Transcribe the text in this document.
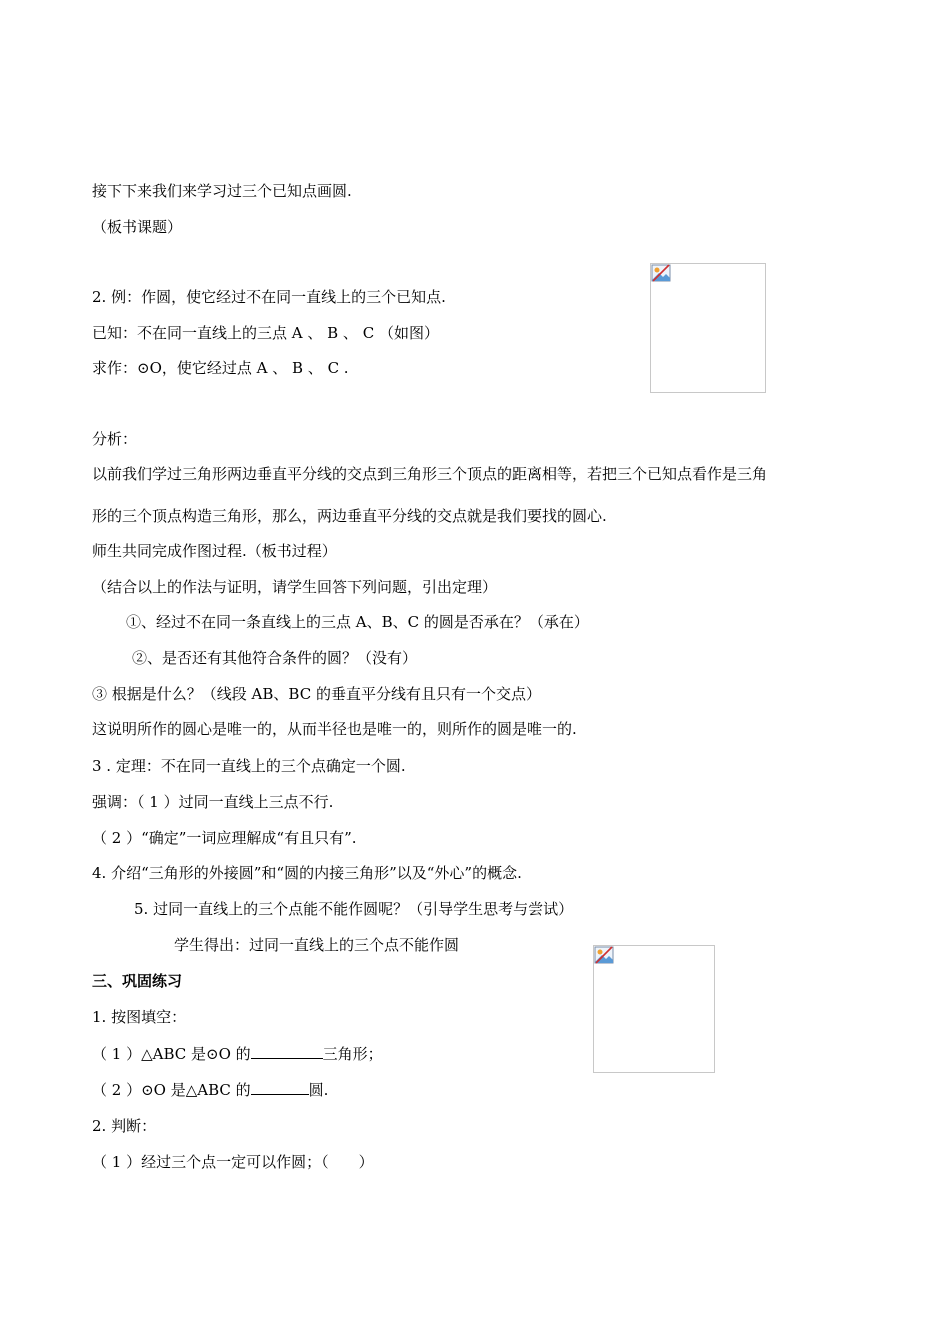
接下下来我们来学习过三个已知点画圆.
（板书课题）
2. 例：作圆，使它经过不在同一直线上的三个已知点.
已知：不在同一直线上的三点 A 、 B 、 C （如图）
求作：⊙O，使它经过点 A 、 B 、 C .
分析：
以前我们学过三角形两边垂直平分线的交点到三角形三个顶点的距离相等，若把三个已知点看作是三角
形的三个顶点构造三角形，那么，两边垂直平分线的交点就是我们要找的圆心.
师生共同完成作图过程.（板书过程）
（结合以上的作法与证明，请学生回答下列问题，引出定理）
①、经过不在同一条直线上的三点 A、B、C 的圆是否承在？（承在）
②、是否还有其他符合条件的圆？（没有）
③ 根据是什么？（线段 AB、BC 的垂直平分线有且只有一个交点）
这说明所作的圆心是唯一的，从而半径也是唯一的，则所作的圆是唯一的.
3 . 定理：不在同一直线上的三个点确定一个圆.
强调：（ 1 ）过同一直线上三点不行.
（ 2 ）“确定”一词应理解成“有且只有”.
4. 介绍“三角形的外接圆”和“圆的内接三角形”以及“外心”的概念.
5. 过同一直线上的三个点能不能作圆呢？（引导学生思考与尝试）
学生得出：过同一直线上的三个点不能作圆
三、巩固练习
1. 按图填空：
（ 1 ）△ABC 是⊙O 的	三角形；
（ 2 ）⊙O 是△ABC 的	圆.
2. 判断：
（ 1 ）经过三个点一定可以作圆；（　　）
